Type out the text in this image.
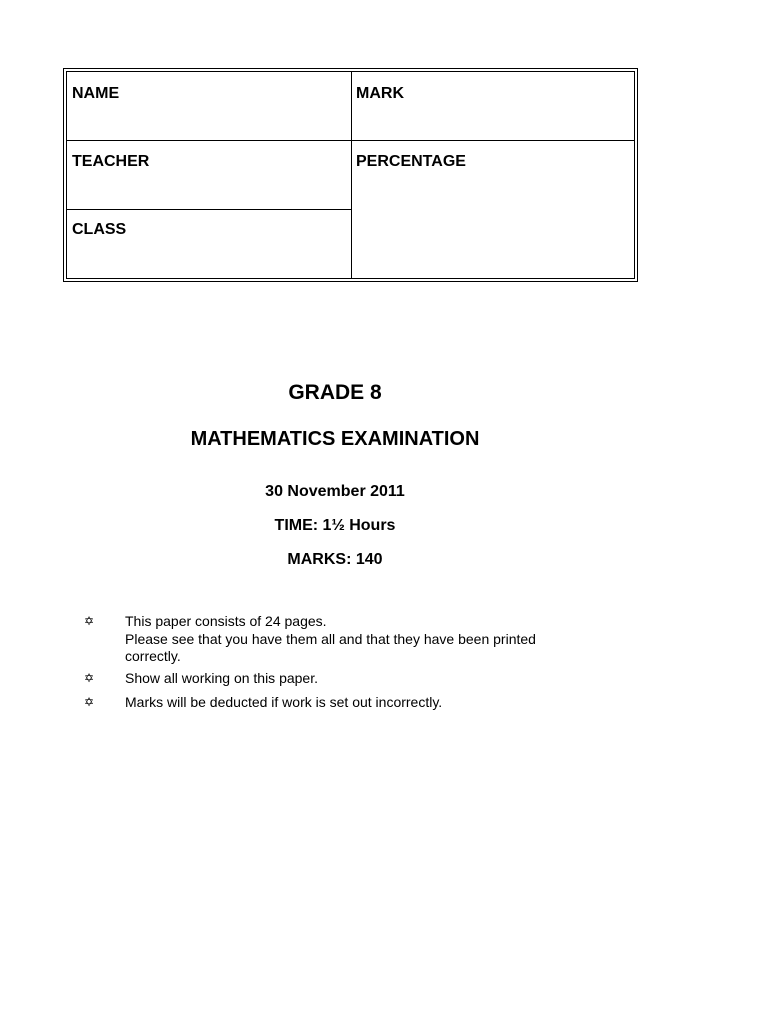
NAME	MARK
TEACHER	PERCENTAGE
CLASS
GRADE 8
MATHEMATICS EXAMINATION
30 November 2011
TIME: 1½ Hours
MARKS: 140
✡ This paper consists of 24 pages.
Please see that you have them all and that they have been printed
correctly.
✡ Show all working on this paper.
✡ Marks will be deducted if work is set out incorrectly.
